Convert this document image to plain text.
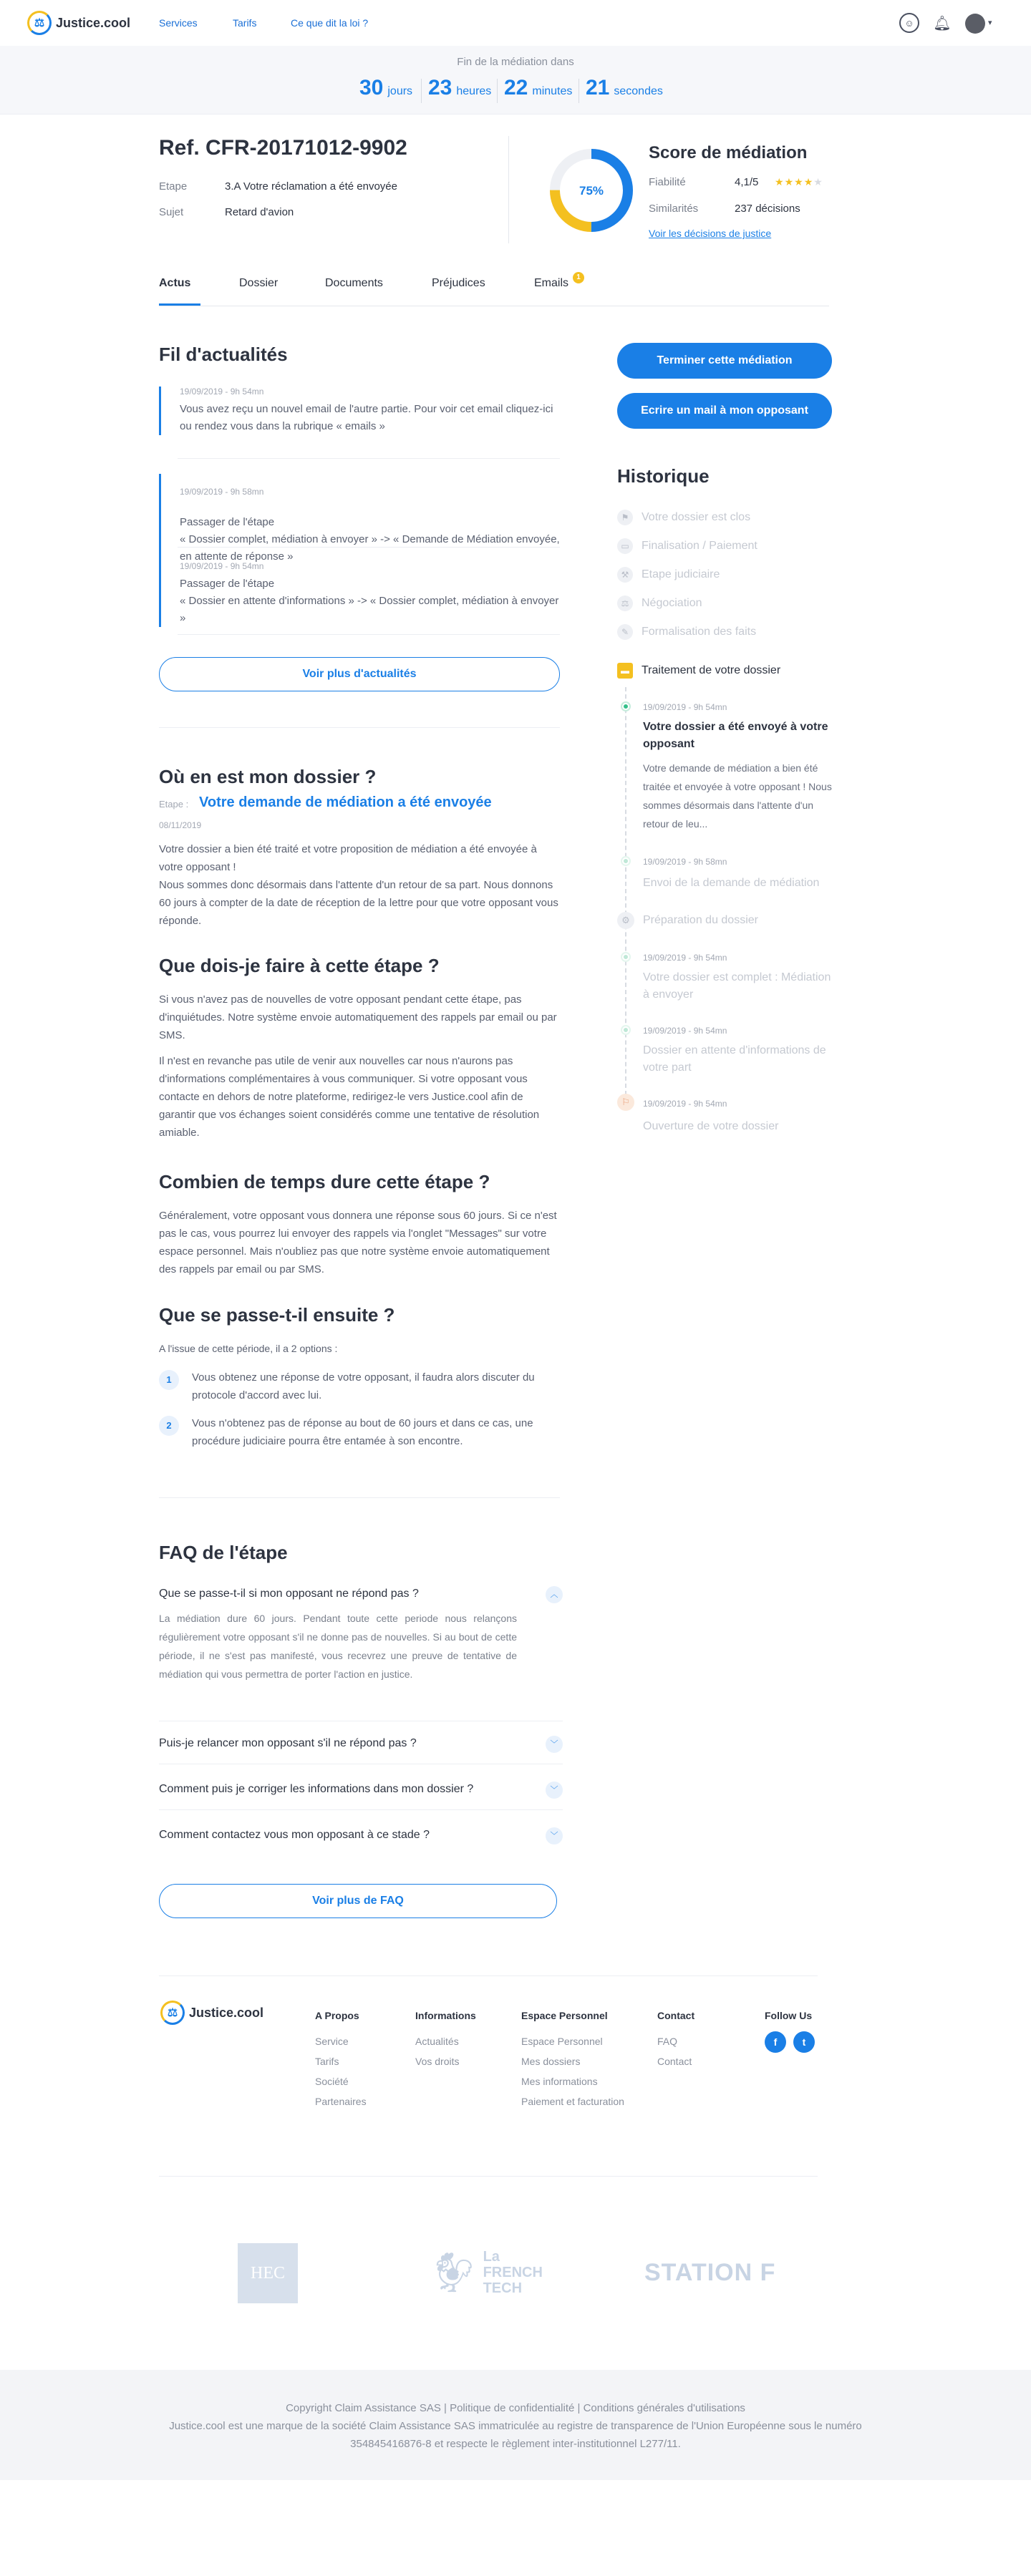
⚖ Justice.cool	Services	Tarifs	Ce que dit la loi ?	☺	🔔︎	▾
Fin de la médiation dans
30 jours 23 heures 22 minutes 21 secondes
Ref. CFR-20171012-9902
Etape	3.A Votre réclamation a été envoyée
Sujet	Retard d'avion
75%
Score de médiation
Fiabilité	4,1/5 ★★★★★
Similarités	237 décisions
Voir les décisions de justice
Actus	Dossier	Documents	Préjudices	Emails	1
Fil d'actualités
19/09/2019 - 9h 54mn
Vous avez reçu un nouvel email de l'autre partie. Pour voir cet email cliquez-ici ou rendez vous dans la rubrique « emails »

19/09/2019 - 9h 58mn

Passager de l'étape
« Dossier complet, médiation à envoyer » -> « Demande de Médiation envoyée, en attente de réponse »

19/09/2019 - 9h 54mn
Passager de l'étape
« Dossier en attente d'informations » -> « Dossier complet, médiation à envoyer »
Voir plus d'actualités
Où en est mon dossier ?
Etape : Votre demande de médiation a été envoyée
08/11/2019
Votre dossier a bien été traité et votre proposition de médiation a été envoyée à votre opposant !
Nous sommes donc désormais dans l'attente d'un retour de sa part. Nous donnons 60 jours à compter de la date de réception de la lettre pour que votre opposant vous réponde.
Que dois-je faire à cette étape ?
Si vous n'avez pas de nouvelles de votre opposant pendant cette étape, pas d'inquiétudes. Notre système envoie automatiquement des rappels par email ou par SMS.
Il n'est en revanche pas utile de venir aux nouvelles car nous n'aurons pas d'informations complémentaires à vous communiquer. Si votre opposant vous contacte en dehors de notre plateforme, redirigez-le vers Justice.cool afin de garantir que vos échanges soient considérés comme une tentative de résolution amiable.
Combien de temps dure cette étape ?
Généralement, votre opposant vous donnera une réponse sous 60 jours. Si ce n'est pas le cas, vous pourrez lui envoyer des rappels via l'onglet "Messages" sur votre espace personnel. Mais n'oubliez pas que notre système envoie automatiquement des rappels par email ou par SMS.
Que se passe-t-il ensuite ?
A l'issue de cette période, il a 2 options :
1	Vous obtenez une réponse de votre opposant, il faudra alors discuter du protocole d'accord avec lui.
2	Vous n'obtenez pas de réponse au bout de 60 jours et dans ce cas, une procédure judiciaire pourra être entamée à son encontre.
FAQ de l'étape
Que se passe-t-il si mon opposant ne répond pas ?	︿
La médiation dure 60 jours. Pendant toute cette periode nous relançons régulièrement votre opposant s'il ne donne pas de nouvelles. Si au bout de cette période, il ne s'est pas manifesté, vous recevrez une preuve de tentative de médiation qui vous permettra de porter l'action en justice.
Puis-je relancer mon opposant s'il ne répond pas ?	﹀
Comment puis je corriger les informations dans mon dossier ?	﹀
Comment contactez vous mon opposant à ce stade ?	﹀
Voir plus de FAQ
Terminer cette médiation
Ecrire un mail à mon opposant
Historique
⚑	Votre dossier est clos
▭	Finalisation / Paiement
⚒	Etape judiciaire
⚖	Négociation
✎	Formalisation des faits
▬	Traitement de votre dossier
19/09/2019 - 9h 54mn
Votre dossier a été envoyé à votre opposant
Votre demande de médiation a bien été traitée et envoyée à votre opposant ! Nous sommes désormais dans l'attente d'un retour de leu...
19/09/2019 - 9h 58mn
Envoi de la demande de médiation
⚙	Préparation du dossier
19/09/2019 - 9h 54mn
Votre dossier est complet : Médiation à envoyer
19/09/2019 - 9h 54mn
Dossier en attente d'informations de votre part
⚐	19/09/2019 - 9h 54mn
Ouverture de votre dossier
⚖ Justice.cool	A Propos
Service
Tarifs
Société
Partenaires
Informations
Actualités
Vos droits
Espace Personnel
Espace Personnel
Mes dossiers
Mes informations
Paiement et facturation
Contact
FAQ
Contact
Follow Us
f	t
HEC	🐓︎ La FRENCH TECH
STATION F
Copyright Claim Assistance SAS | Politique de confidentialité | Conditions générales d'utilisations
Justice.cool est une marque de la société Claim Assistance SAS immatriculée au registre de transparence de l'Union Européenne sous le numéro 354845416876-8 et respecte le règlement inter-institutionnel L277/11.
